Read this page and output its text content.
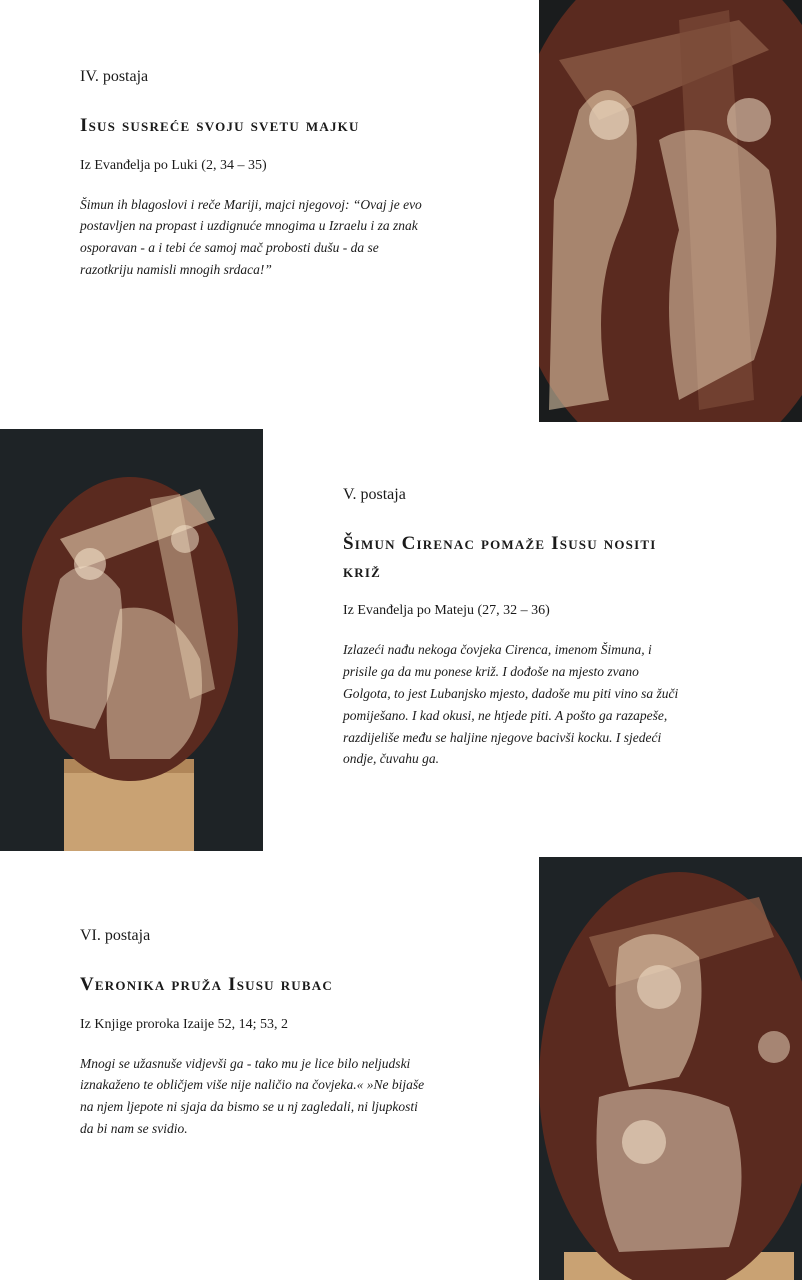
IV. postaja

Isus susreće svoju svetu majku

Iz Evanđelja po Luki (2, 34 – 35)

Šimun ih blagoslovi i reče Mariji, majci njegovoj: “Ovaj je evo postavljen na propast i uzdignuće mnogima u Izraelu i za znak osporavan - a i tebi će samoj mač probosti dušu - da se razotkriju namisli mnogih srdaca!”

V. postaja

Šimun Cirenac pomaže Isusu nositi križ

Iz Evanđelja po Mateju (27, 32 – 36)

Izlazeći nađu nekoga čovjeka Cirenca, imenom Šimuna, i prisile ga da mu ponese križ. I dođoše na mjesto zvano Golgota, to jest Lubanjsko mjesto, dadoše mu piti vino sa žuči pomiješano. I kad okusi, ne htjede piti. A pošto ga razapeše, razdijeliše među se haljine njegove bacivši kocku. I sjedeći ondje, čuvahu ga.

VI. postaja

Veronika pruža Isusu rubac

Iz Knjige proroka Izaije 52, 14; 53, 2

Mnogi se užasnuše vidjevši ga - tako mu je lice bilo neljudski iznakaženo te obličjem više nije naličio na čovjeka.« »Ne bijaše na njem ljepote ni sjaja da bismo se u nj zagledali, ni ljupkosti da bi nam se svidio.
